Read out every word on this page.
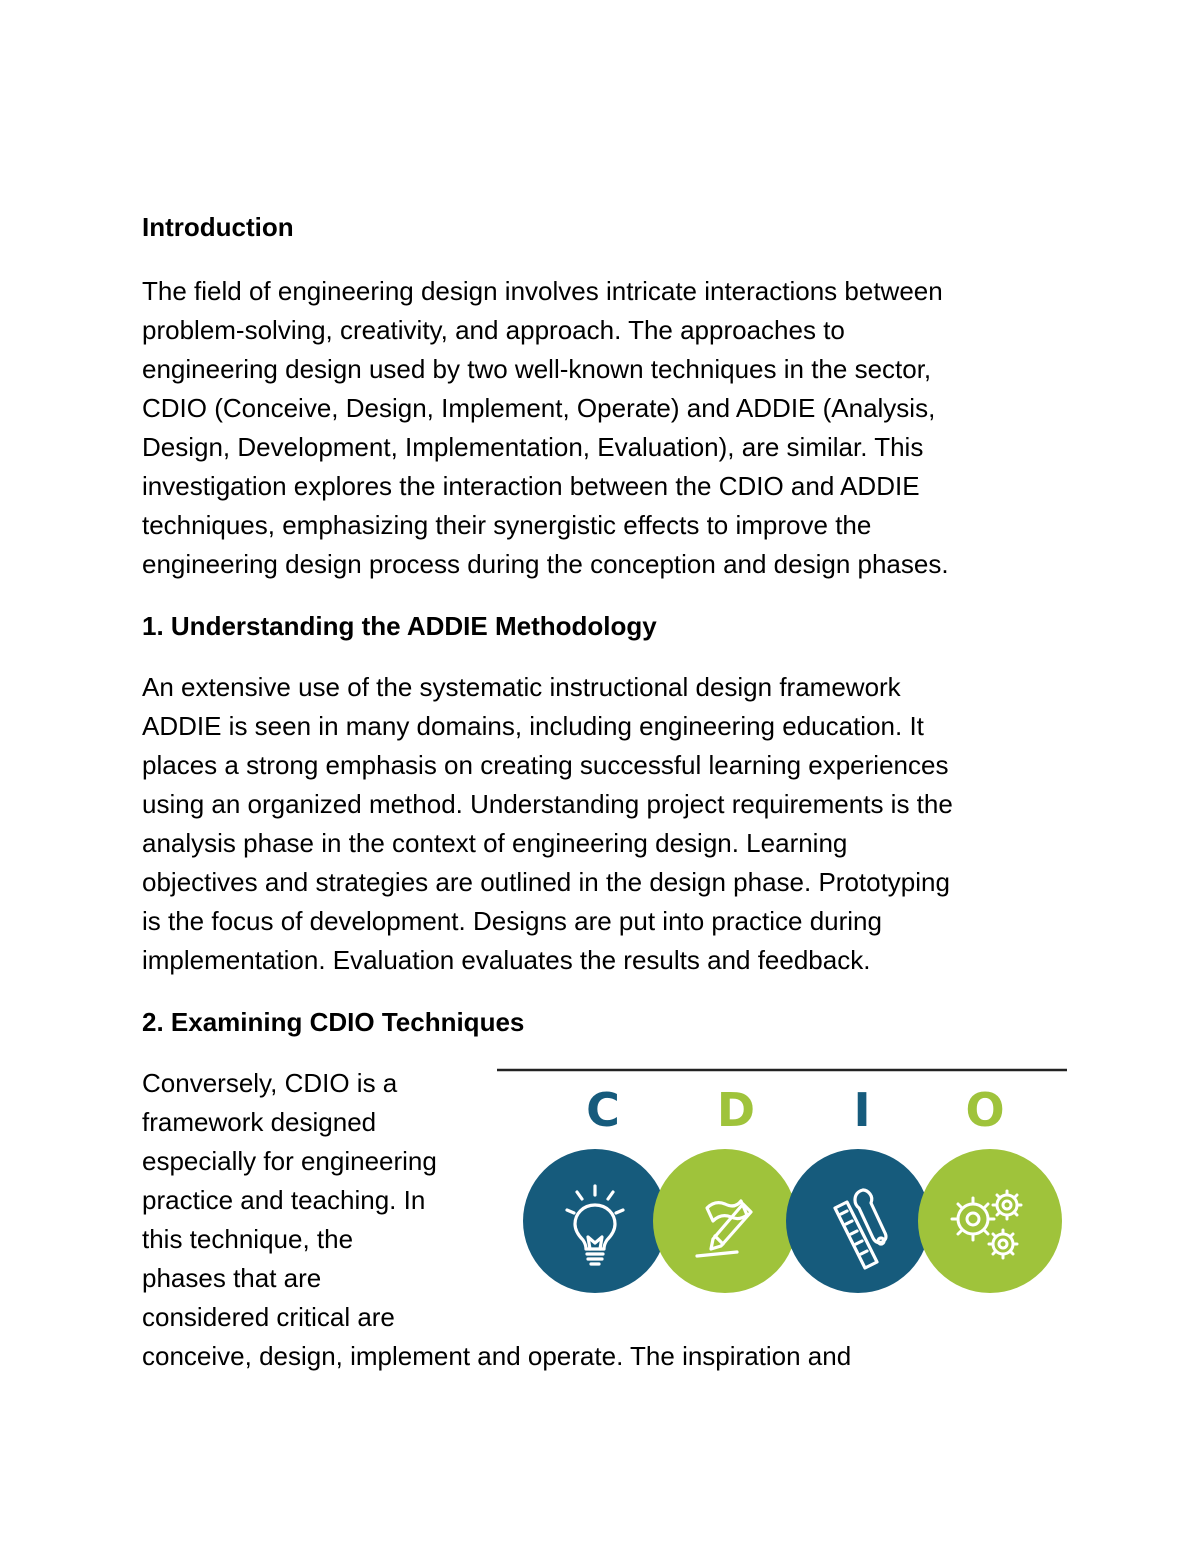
Introduction

The field of engineering design involves intricate interactions between
problem-solving, creativity, and approach. The approaches to
engineering design used by two well-known techniques in the sector,
CDIO (Conceive, Design, Implement, Operate) and ADDIE (Analysis,
Design, Development, Implementation, Evaluation), are similar. This
investigation explores the interaction between the CDIO and ADDIE
techniques, emphasizing their synergistic effects to improve the
engineering design process during the conception and design phases.

1. Understanding the ADDIE Methodology

An extensive use of the systematic instructional design framework
ADDIE is seen in many domains, including engineering education. It
places a strong emphasis on creating successful learning experiences
using an organized method. Understanding project requirements is the
analysis phase in the context of engineering design. Learning
objectives and strategies are outlined in the design phase. Prototyping
is the focus of development. Designs are put into practice during
implementation. Evaluation evaluates the results and feedback.

2. Examining CDIO Techniques

Conversely, CDIO is a
framework designed
especially for engineering
practice and teaching. In
this technique, the
phases that are
considered critical are
conceive, design, implement and operate. The inspiration and

C D I O
